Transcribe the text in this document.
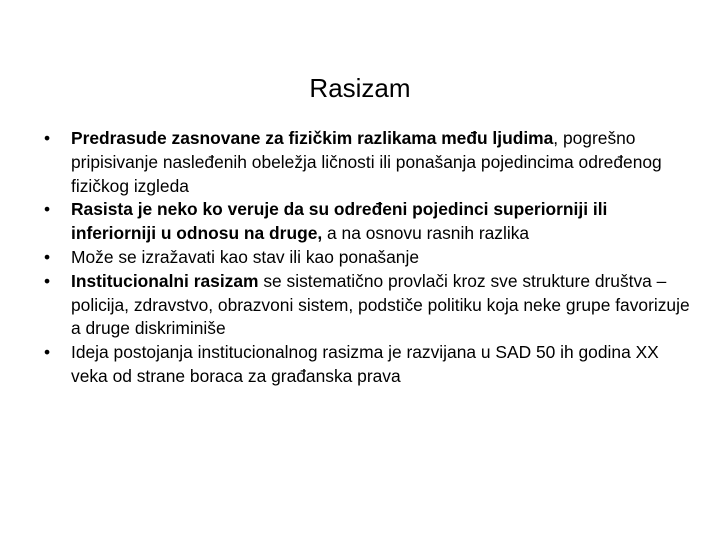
Rasizam
• Predrasude zasnovane za fizičkim razlikama među ljudima, pogrešno pripisivanje nasleđenih obeležja ličnosti ili ponašanja pojedincima određenog fizičkog izgleda
• Rasista je neko ko veruje da su određeni pojedinci superiorniji ili inferiorniji u odnosu na druge, a na osnovu rasnih razlika
• Može se izražavati kao stav ili kao ponašanje
• Institucionalni rasizam se sistematično provlači kroz sve strukture društva – policija, zdravstvo, obrazvoni sistem, podstiče politiku koja neke grupe favorizuje a druge diskriminiše
• Ideja postojanja institucionalnog rasizma je razvijana u SAD 50 ih godina XX veka od strane boraca za građanska prava
